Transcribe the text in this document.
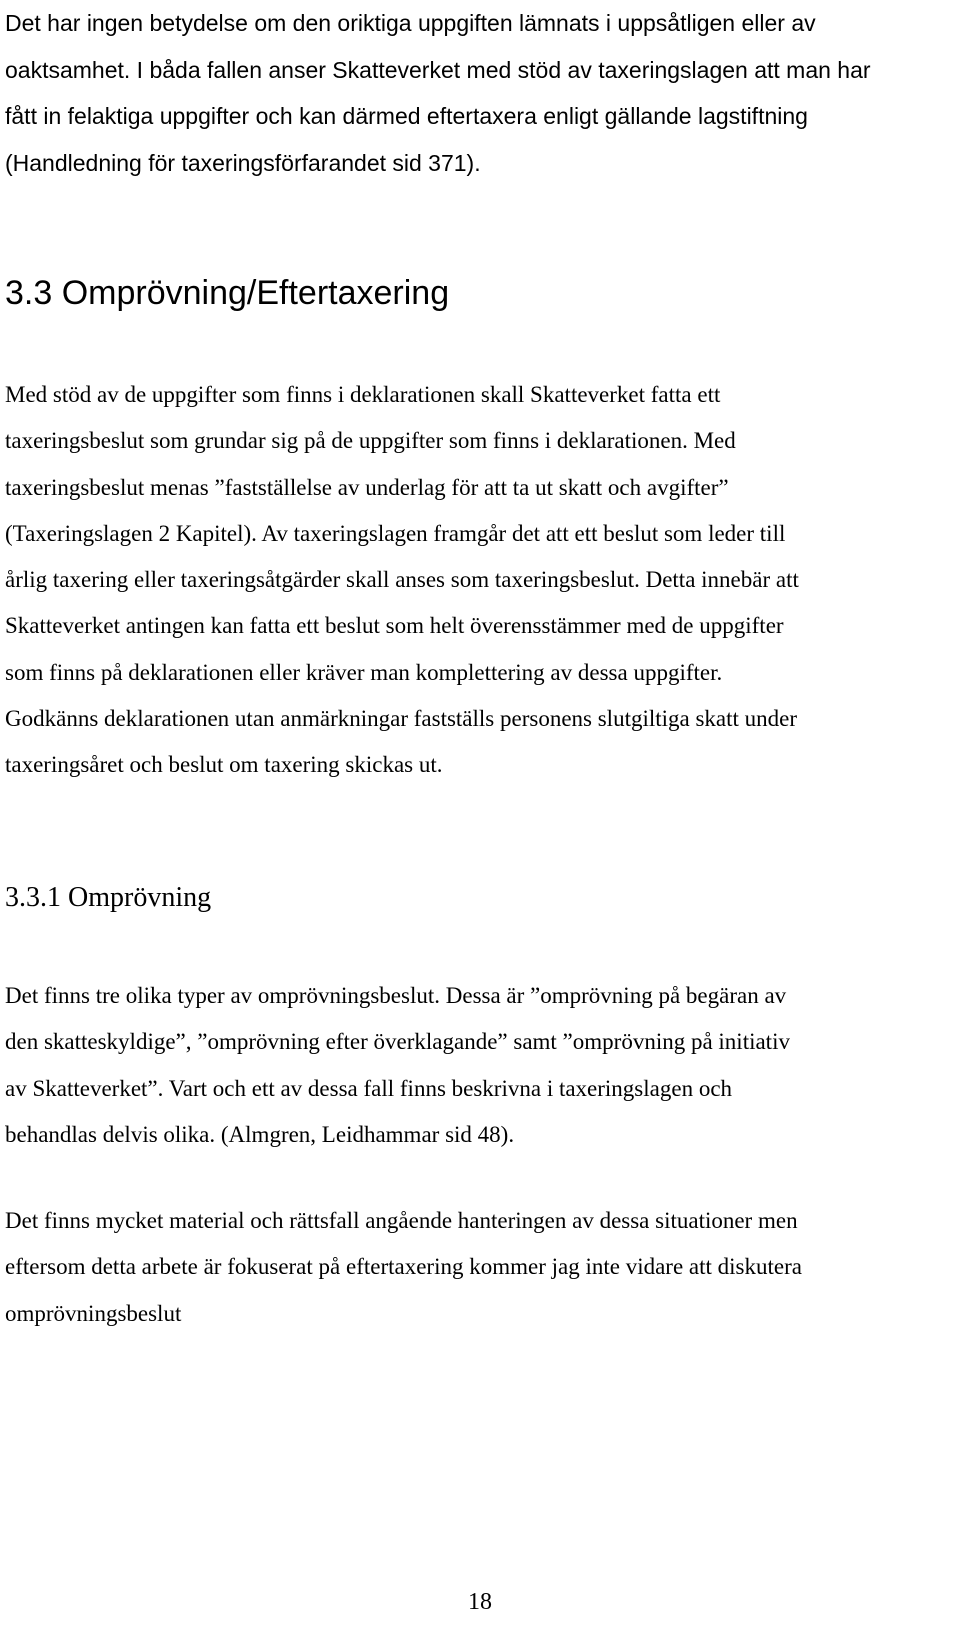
Det har ingen betydelse om den oriktiga uppgiften lämnats i uppsåtligen eller av
oaktsamhet. I båda fallen anser Skatteverket med stöd av taxeringslagen att man har
fått in felaktiga uppgifter och kan därmed eftertaxera enligt gällande lagstiftning
(Handledning för taxeringsförfarandet sid 371).
3.3 Omprövning/Eftertaxering
Med stöd av de uppgifter som finns i deklarationen skall Skatteverket fatta ett
taxeringsbeslut som grundar sig på de uppgifter som finns i deklarationen. Med
taxeringsbeslut menas ”fastställelse av underlag för att ta ut skatt och avgifter”
(Taxeringslagen 2 Kapitel). Av taxeringslagen framgår det att ett beslut som leder till
årlig taxering eller taxeringsåtgärder skall anses som taxeringsbeslut. Detta innebär att
Skatteverket antingen kan fatta ett beslut som helt överensstämmer med de uppgifter
som finns på deklarationen eller kräver man komplettering av dessa uppgifter.
Godkänns deklarationen utan anmärkningar fastställs personens slutgiltiga skatt under
taxeringsåret och beslut om taxering skickas ut.
3.3.1 Omprövning
Det finns tre olika typer av omprövningsbeslut. Dessa är ”omprövning på begäran av
den skatteskyldige”, ”omprövning efter överklagande” samt ”omprövning på initiativ
av Skatteverket”. Vart och ett av dessa fall finns beskrivna i taxeringslagen och
behandlas delvis olika. (Almgren, Leidhammar sid 48).
Det finns mycket material och rättsfall angående hanteringen av dessa situationer men
eftersom detta arbete är fokuserat på eftertaxering kommer jag inte vidare att diskutera
omprövningsbeslut
18
